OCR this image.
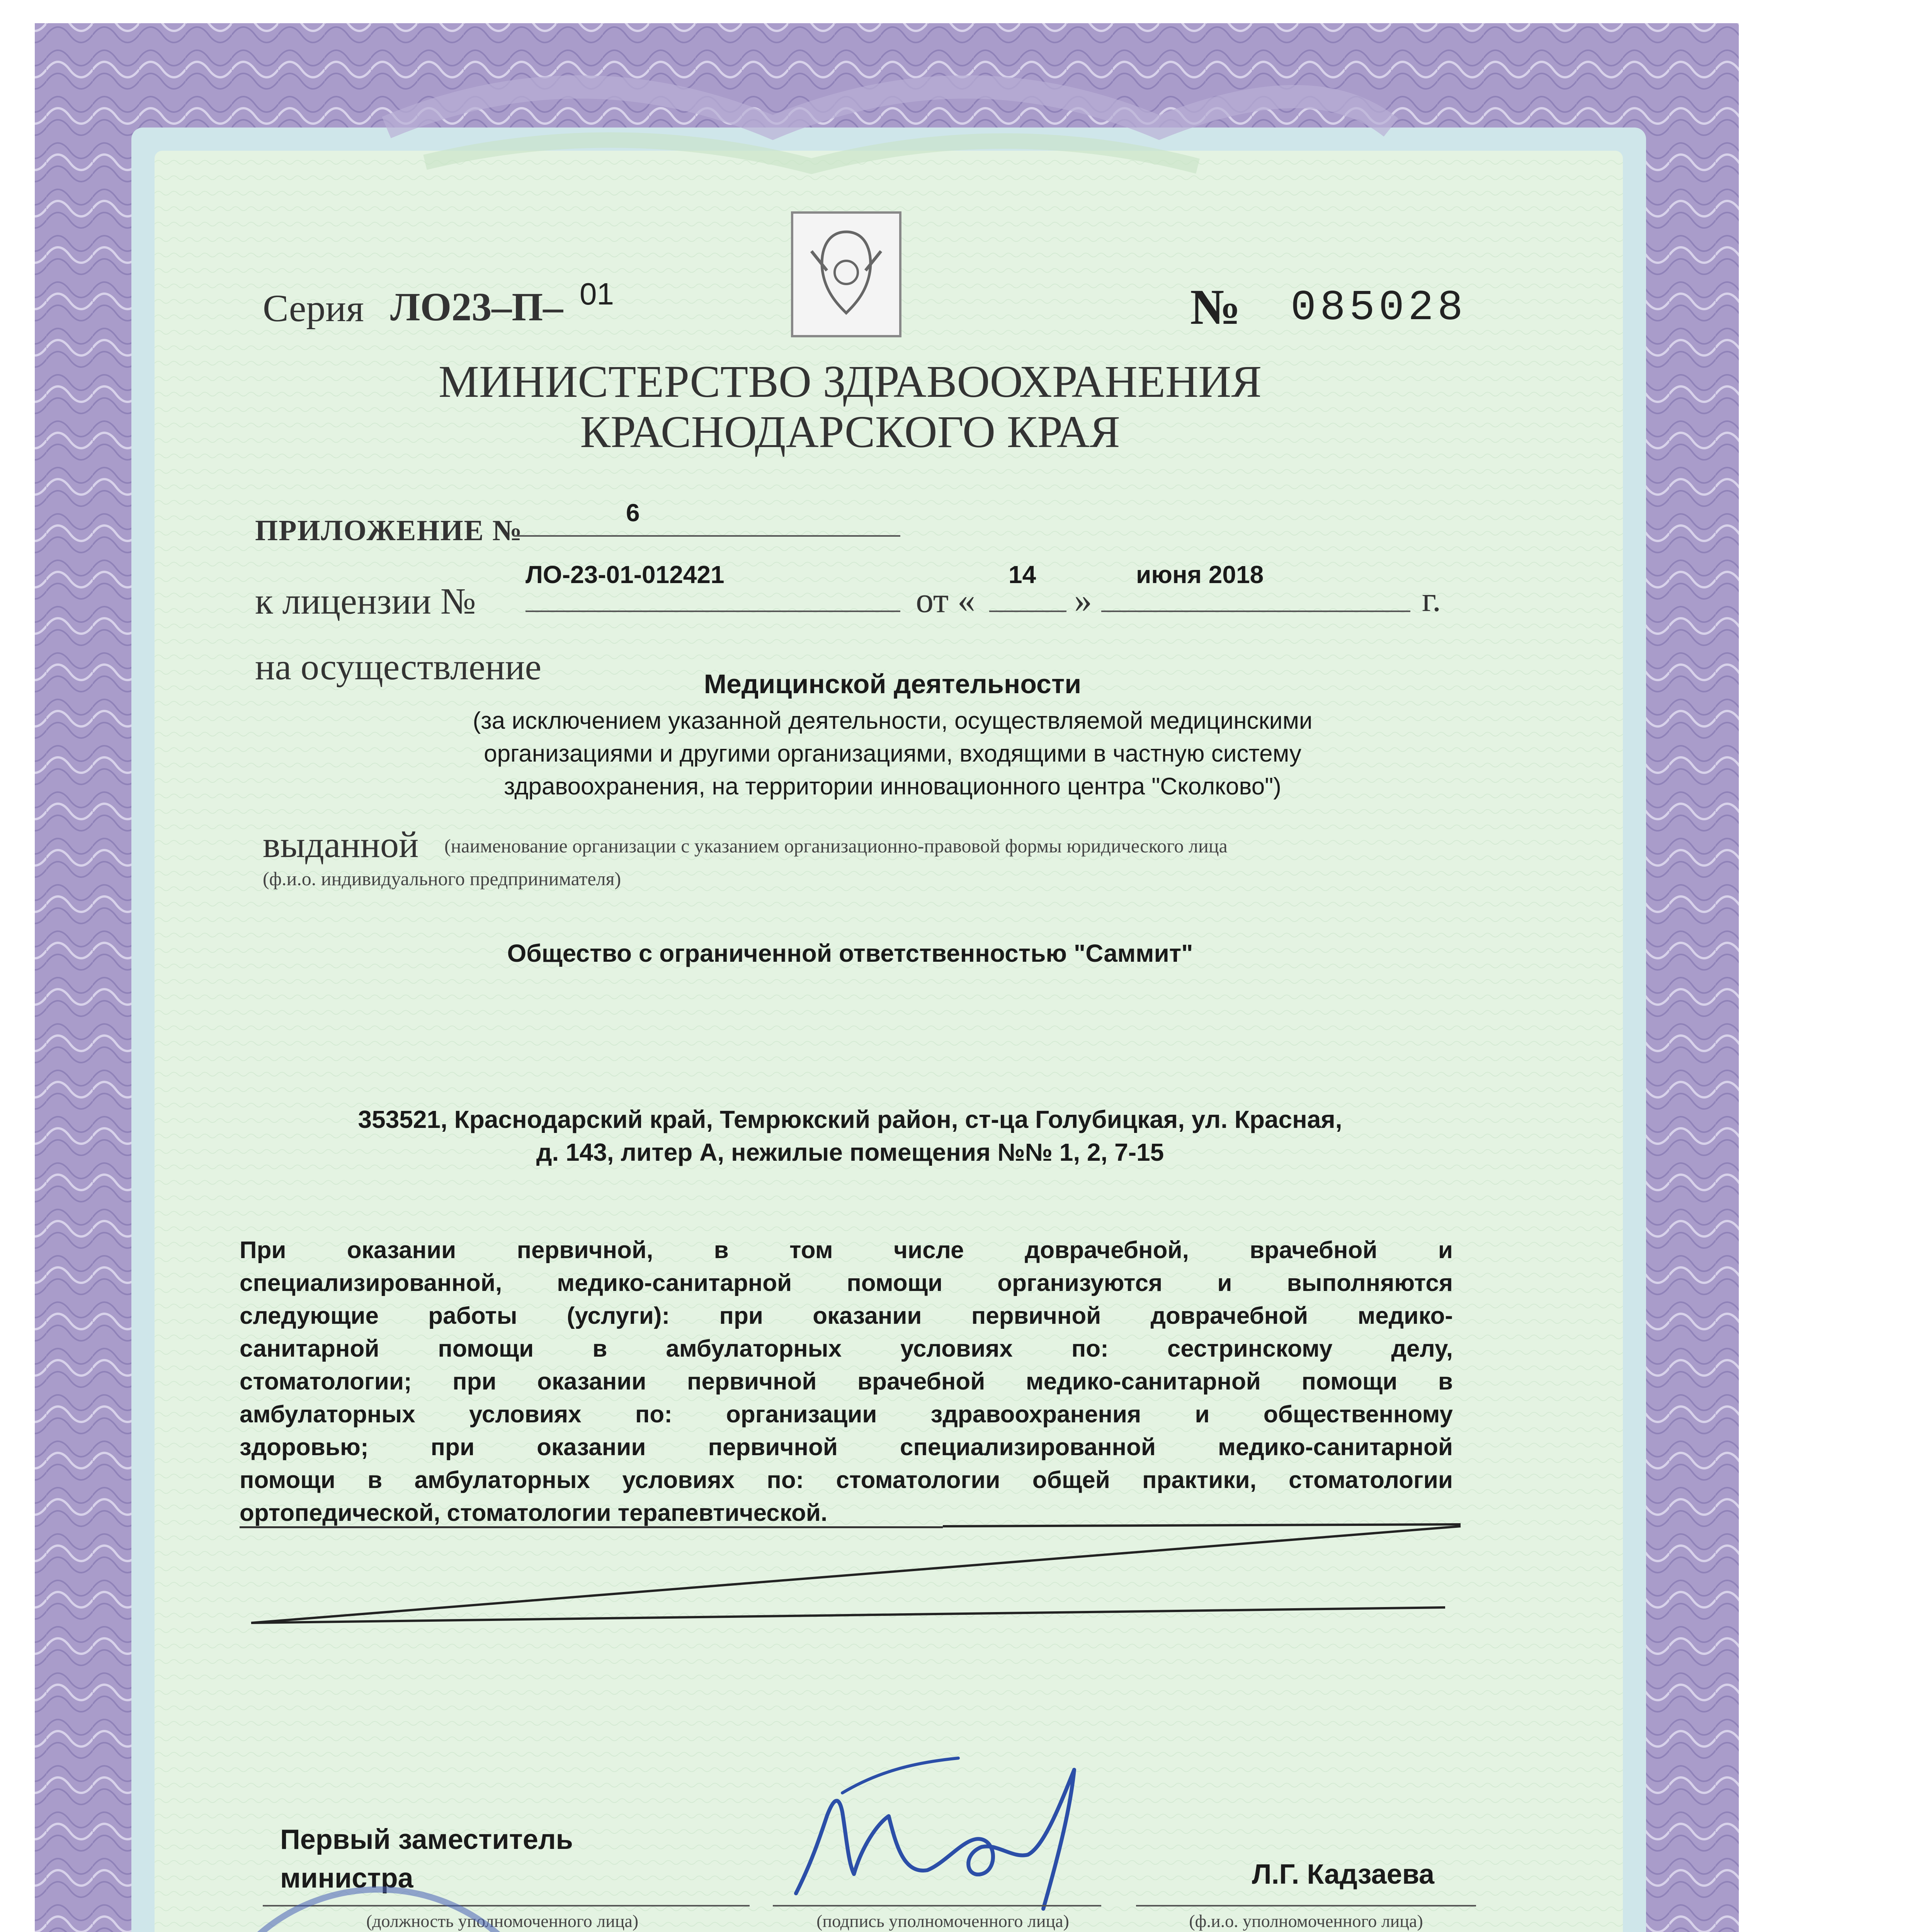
Серия ЛО23–П– 01	№ 085028
МИНИСТЕРСТВО ЗДРАВООХРАНЕНИЯ
КРАСНОДАРСКОГО КРАЯ
ПРИЛОЖЕНИЕ №
6
к лицензии №
ЛО-23-01-012421
от «
14
»
июня 2018
г.
на осуществление	Медицинской деятельности
(за исключением указанной деятельности, осуществляемой медицинскими
организациями и другими организациями, входящими в частную систему
здравоохранения, на территории инновационного центра "Сколково")
выданной (наименование организации с указанием организационно-правовой формы юридического лица
(ф.и.о. индивидуального предпринимателя)
Общество с ограниченной ответственностью "Саммит"
353521, Краснодарский край, Темрюкский район, ст-ца Голубицкая, ул. Красная,
д. 143, литер А, нежилые помещения №№ 1, 2, 7-15
При оказании первичной, в том числе доврачебной, врачебной и
специализированной, медико-санитарной помощи организуются и выполняются
следующие работы (услуги): при оказании первичной доврачебной медико-
санитарной помощи в амбулаторных условиях по: сестринскому делу,
стоматологии; при оказании первичной врачебной медико-санитарной помощи в
амбулаторных условиях по: организации здравоохранения и общественному
здоровью; при оказании первичной специализированной медико-санитарной
помощи в амбулаторных условиях по: стоматологии общей практики, стоматологии
ортопедической, стоматологии терапевтической.
Первый заместитель
министра
(должность уполномоченного лица)	(подпись уполномоченного лица)
Л.Г. Кадзаева
(ф.и.о. уполномоченного лица)
